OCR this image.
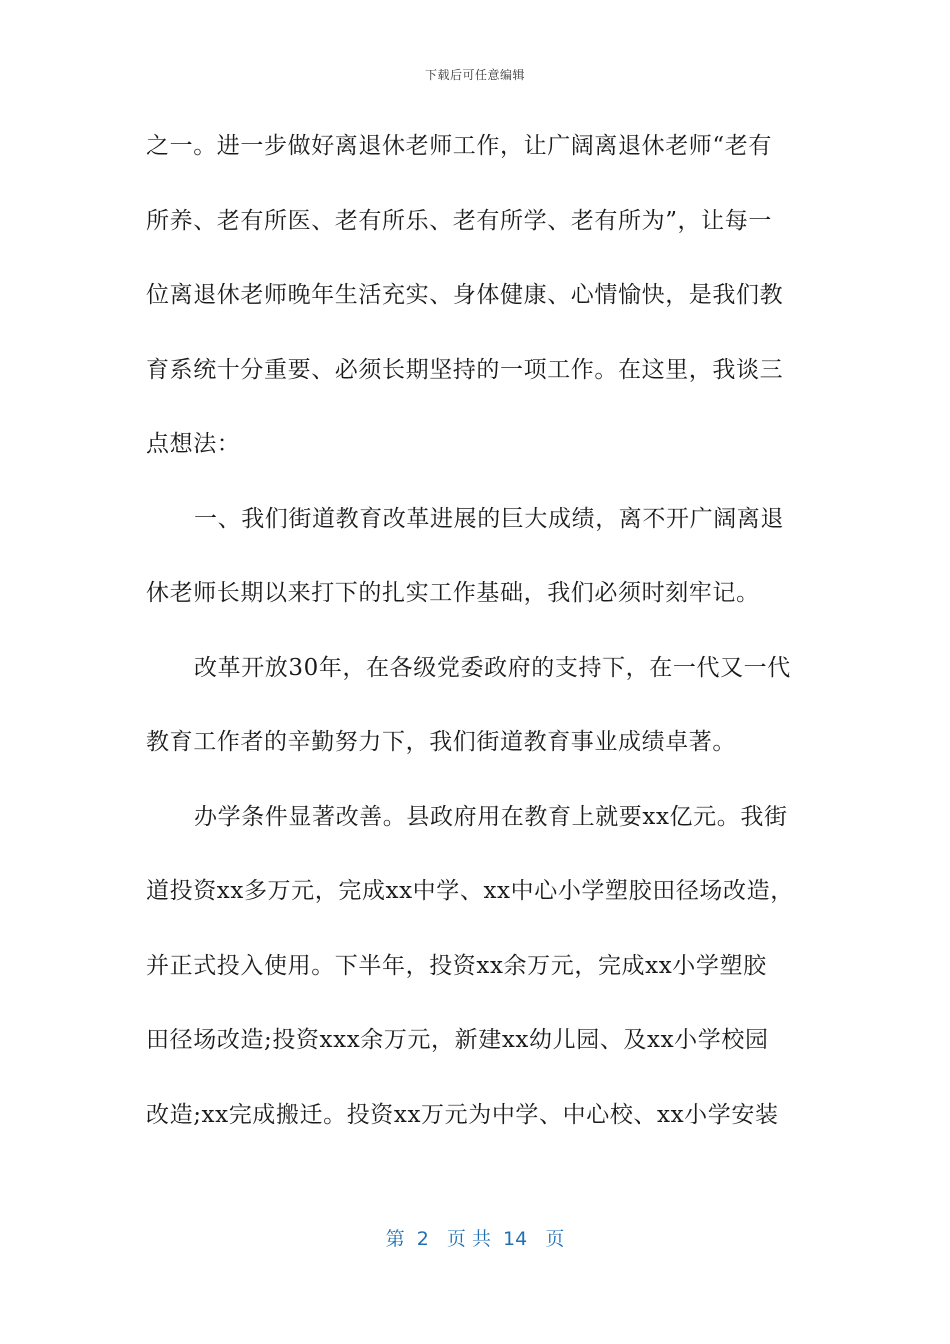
下载后可任意编辑
之一。进一步做好离退休老师工作，让广阔离退休老师“老有
所养、老有所医、老有所乐、老有所学、老有所为”，让每一
位离退休老师晚年生活充实、身体健康、心情愉快，是我们教
育系统十分重要、必须长期坚持的一项工作。在这里，我谈三
点想法：
一、我们街道教育改革进展的巨大成绩，离不开广阔离退
休老师长期以来打下的扎实工作基础，我们必须时刻牢记。
改革开放30年，在各级党委政府的支持下，在一代又一代
教育工作者的辛勤努力下，我们街道教育事业成绩卓著。
办学条件显著改善。县政府用在教育上就要xx亿元。我街
道投资xx多万元，完成xx中学、xx中心小学塑胶田径场改造，
并正式投入使用。下半年，投资xx余万元，完成xx小学塑胶
田径场改造;投资xxx余万元，新建xx幼儿园、及xx小学校园
改造;xx完成搬迁。投资xx万元为中学、中心校、xx小学安装
第  2   页 共  14   页
